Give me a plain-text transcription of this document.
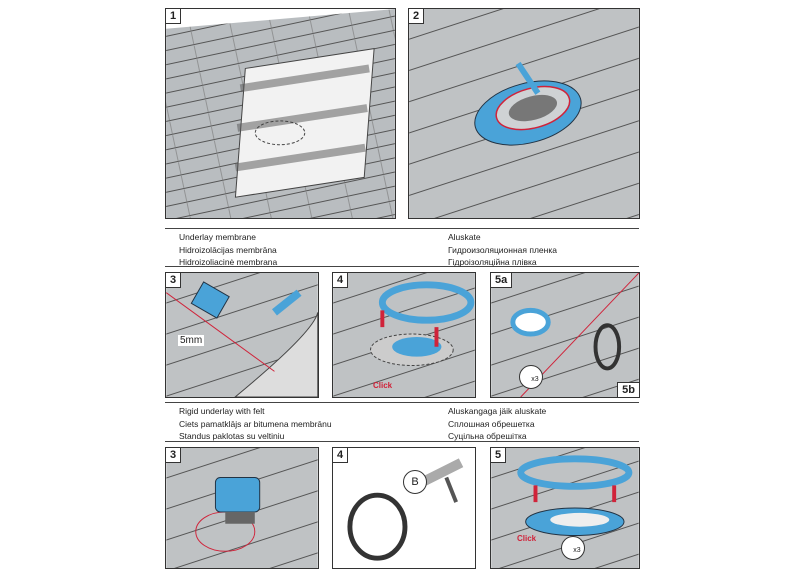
1	2
Underlay membrane
Hidroizolācijas membrāna
Hidroizoliacinė membrana
Aluskate
Гидроизоляционная пленка
Гідроізоляційна плівка
3
5mm
4
Click
5a
5b
x3
Rigid underlay with felt
Ciets pamatklājs ar bitumena membrānu
Standus paklotas su veltiniu
Aluskangaga jäik aluskate
Сплошная обрешетка
Суцільна обрешітка
3	4
B
5
Click
x3
